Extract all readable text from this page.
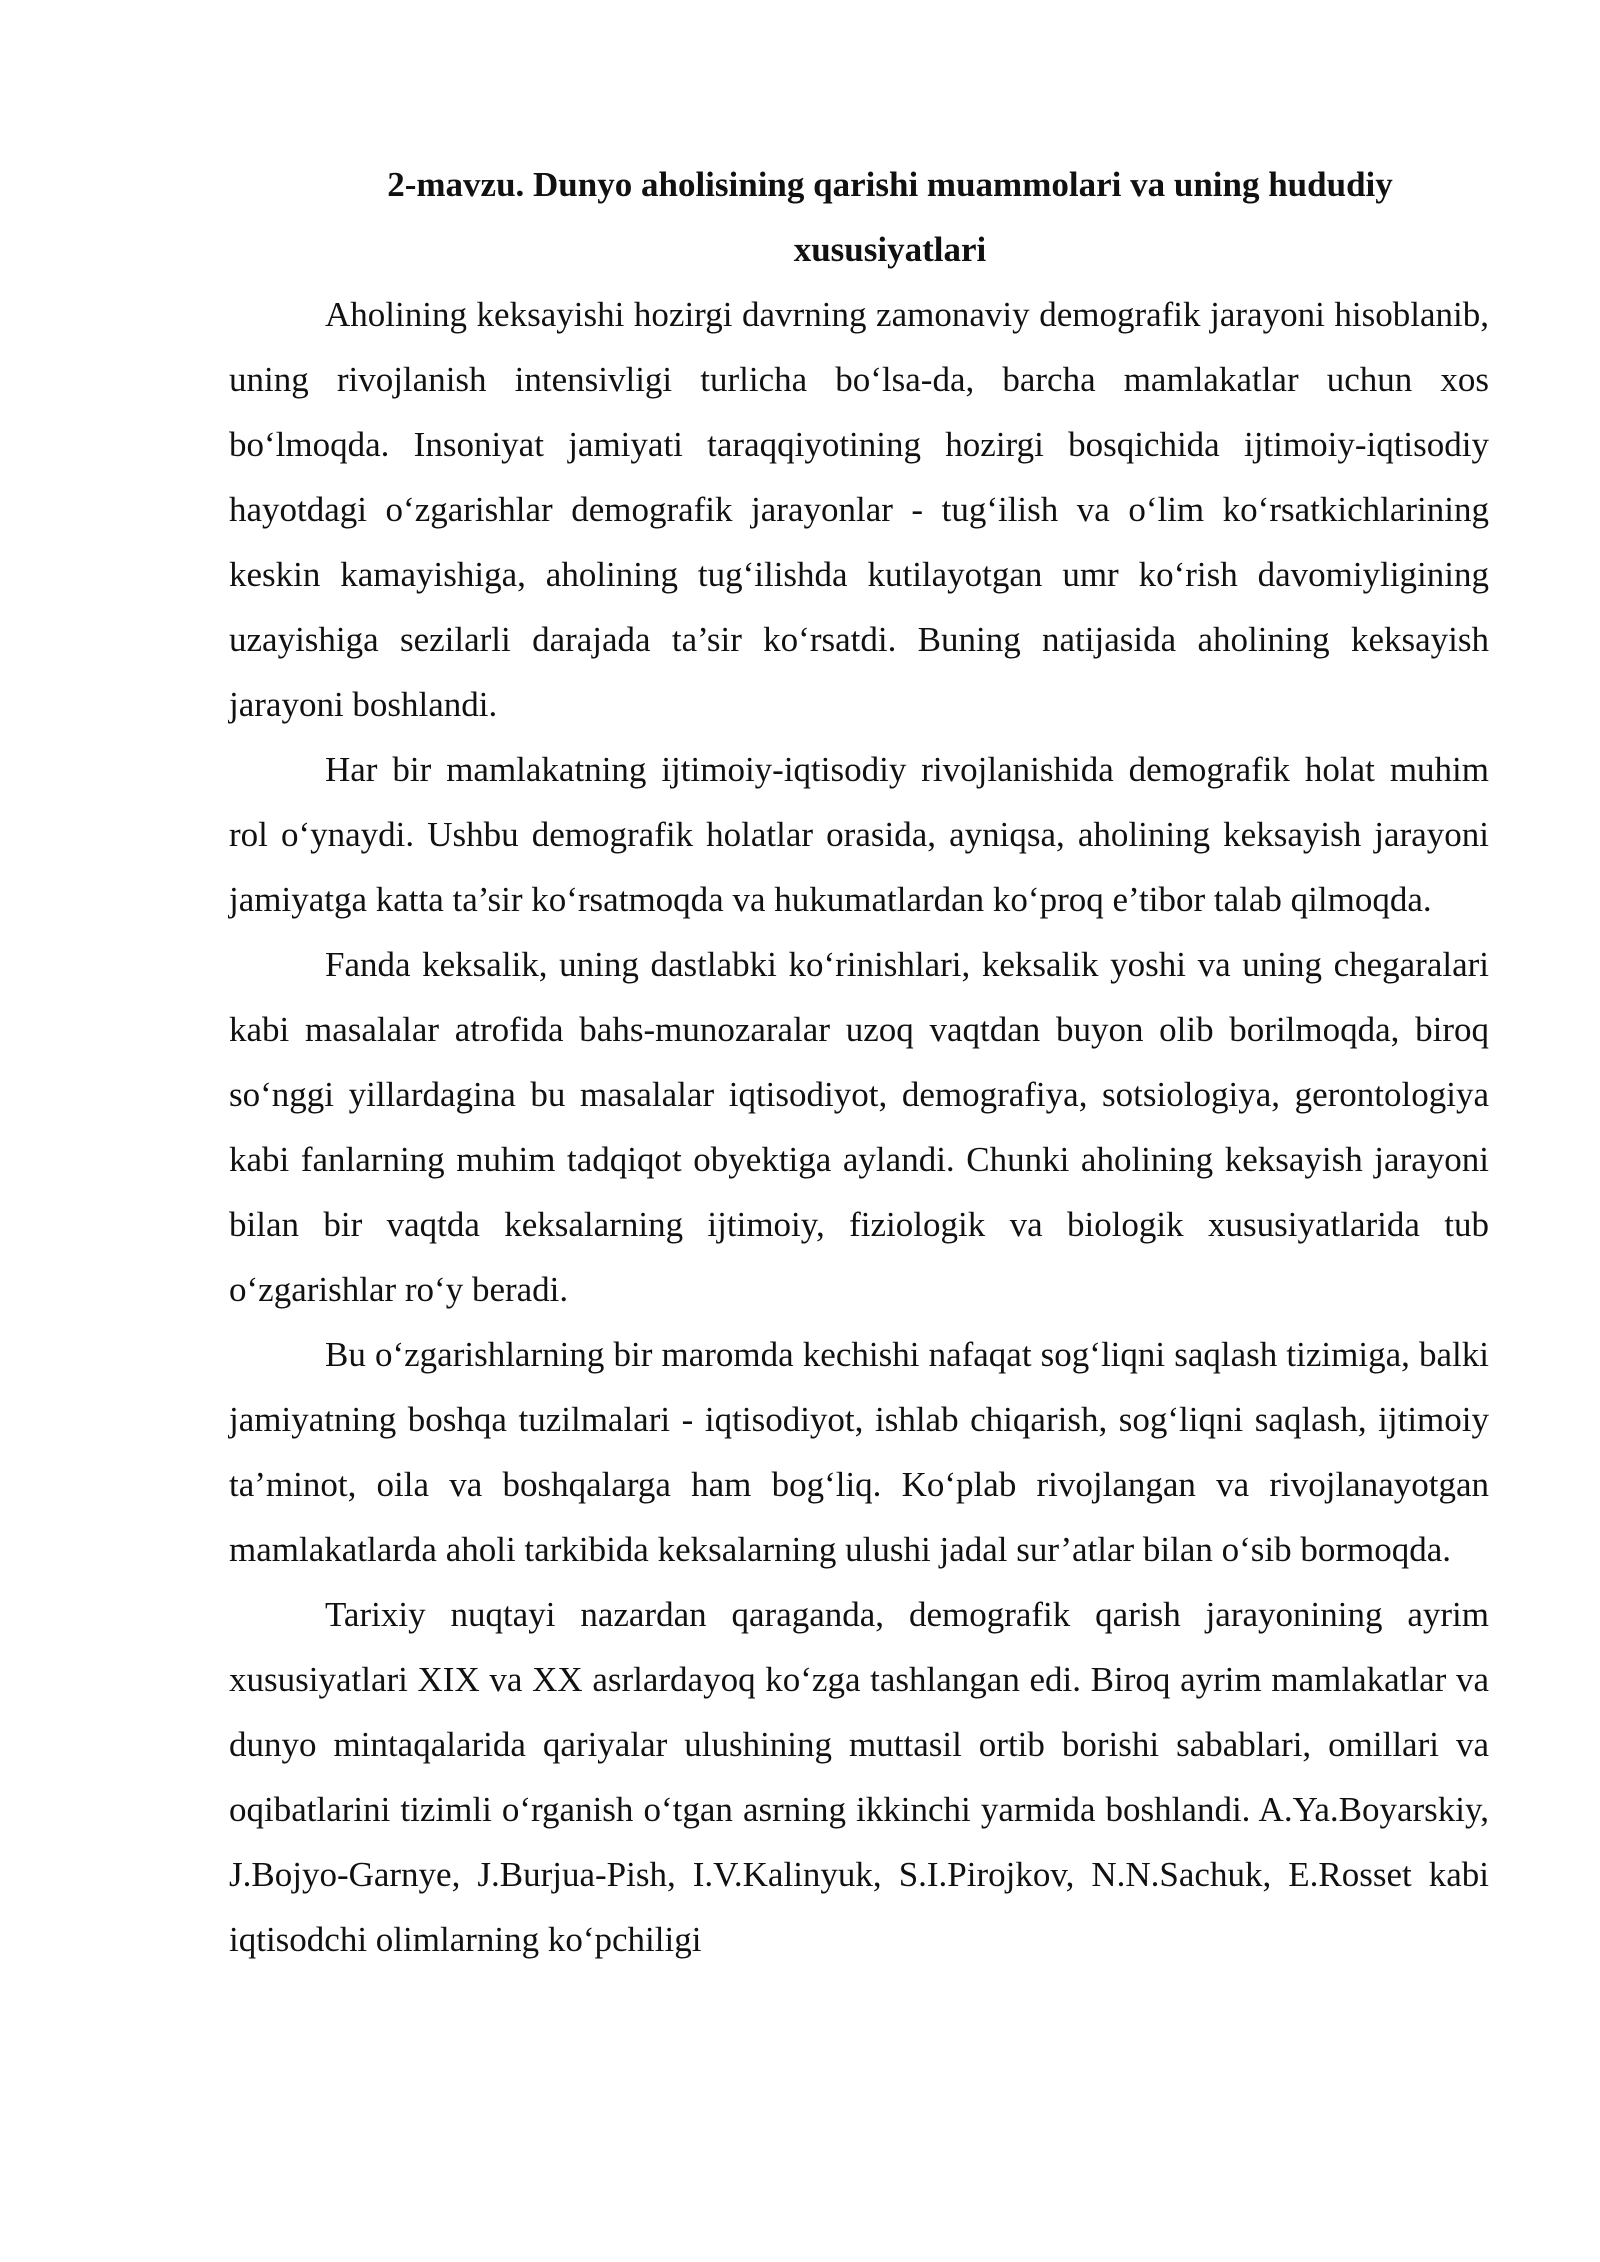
2-mavzu. Dunyo aholisining qarishi muammolari va uning hududiy xususiyatlari

Aholining keksayishi hozirgi davrning zamonaviy demografik jarayoni hisoblanib, uning rivojlanish intensivligi turlicha bo‘lsa-da, barcha mamlakatlar uchun xos bo‘lmoqda. Insoniyat jamiyati taraqqiyotining hozirgi bosqichida ijtimoiy-iqtisodiy hayotdagi o‘zgarishlar demografik jarayonlar - tug‘ilish va o‘lim ko‘rsatkichlarining keskin kamayishiga, aholining tug‘ilishda kutilayotgan umr ko‘rish davomiyligining uzayishiga sezilarli darajada ta’sir ko‘rsatdi. Buning natijasida aholining keksayish jarayoni boshlandi.

Har bir mamlakatning ijtimoiy-iqtisodiy rivojlanishida demografik holat muhim rol o‘ynaydi. Ushbu demografik holatlar orasida, ayniqsa, aholining keksayish jarayoni jamiyatga katta ta’sir ko‘rsatmoqda va hukumatlardan ko‘proq e’tibor talab qilmoqda.

Fanda keksalik, uning dastlabki ko‘rinishlari, keksalik yoshi va uning chegaralari kabi masalalar atrofida bahs-munozaralar uzoq vaqtdan buyon olib borilmoqda, biroq so‘nggi yillardagina bu masalalar iqtisodiyot, demografiya, sotsiologiya, gerontologiya kabi fanlarning muhim tadqiqot obyektiga aylandi. Chunki aholining keksayish jarayoni bilan bir vaqtda keksalarning ijtimoiy, fiziologik va biologik xususiyatlarida tub o‘zgarishlar ro‘y beradi.

Bu o‘zgarishlarning bir maromda kechishi nafaqat sog‘liqni saqlash tizimiga, balki jamiyatning boshqa tuzilmalari - iqtisodiyot, ishlab chiqarish, sog‘liqni saqlash, ijtimoiy ta’minot, oila va boshqalarga ham bog‘liq. Ko‘plab rivojlangan va rivojlanayotgan mamlakatlarda aholi tarkibida keksalarning ulushi jadal sur’atlar bilan o‘sib bormoqda.

Tarixiy nuqtayi nazardan qaraganda, demografik qarish jarayonining ayrim xususiyatlari XIX va XX asrlardayoq ko‘zga tashlangan edi. Biroq ayrim mamlakatlar va dunyo mintaqalarida qariyalar ulushining muttasil ortib borishi sabablari, omillari va oqibatlarini tizimli o‘rganish o‘tgan asrning ikkinchi yarmida boshlandi. A.Ya.Boyarskiy, J.Bojyo-Garnye, J.Burjua-Pish, I.V.Kalinyuk, S.I.Pirojkov, N.N.Sachuk, E.Rosset kabi iqtisodchi olimlarning ko‘pchiligi
